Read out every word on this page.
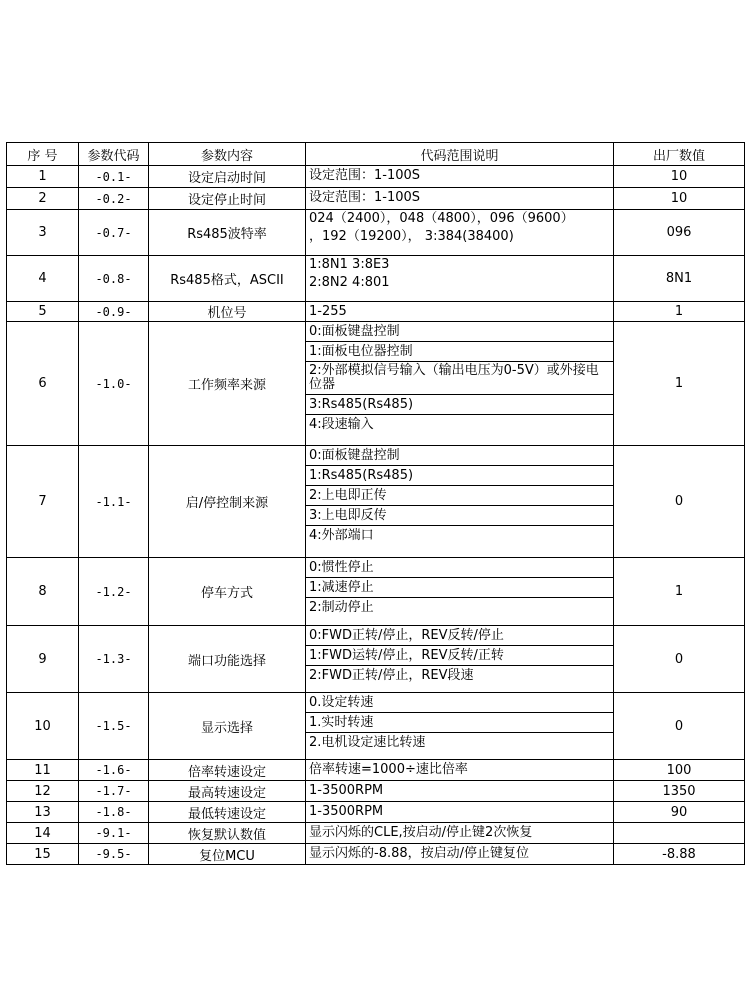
序 号	参数代码	参数内容	代码范围说明	出厂数值
1	-0.1-	设定启动时间	设定范围：1-100S	10
2	-0.2-	设定停止时间	设定范围：1-100S	10
3	-0.7-	Rs485波特率	024（2400），048（4800），096（9600）
，192（19200）， 3:384(38400)	096
4	-0.8-	Rs485格式，ASCII	1:8N1 3:8E3
2:8N2 4:801	8N1
5	-0.9-	机位号	1-255	1
6	-1.0-	工作频率来源	0:面板键盘控制
1:面板电位器控制
2:外部模拟信号输入（输出电压为0-5V）或外接电位器
3:Rs485(Rs485)
4:段速输入	1
7	-1.1-	启/停控制来源	0:面板键盘控制
1:Rs485(Rs485)
2:上电即正传
3:上电即反传
4:外部端口	0
8	-1.2-	停车方式	0:惯性停止
1:减速停止
2:制动停止	1
9	-1.3-	端口功能选择	0:FWD正转/停止，REV反转/停止
1:FWD运转/停止，REV反转/正转
2:FWD正转/停止，REV段速	0
10	-1.5-	显示选择	0.设定转速
1.实时转速
2.电机设定速比转速	0
11	-1.6-	倍率转速设定	倍率转速=1000÷速比倍率	100
12	-1.7-	最高转速设定	1-3500RPM	1350
13	-1.8-	最低转速设定	1-3500RPM	90
14	-9.1-	恢复默认数值	显示闪烁的CLE,按启动/停止键2次恢复	

15	-9.5-	复位MCU	显示闪烁的-8.88，按启动/停止键复位	-8.88
